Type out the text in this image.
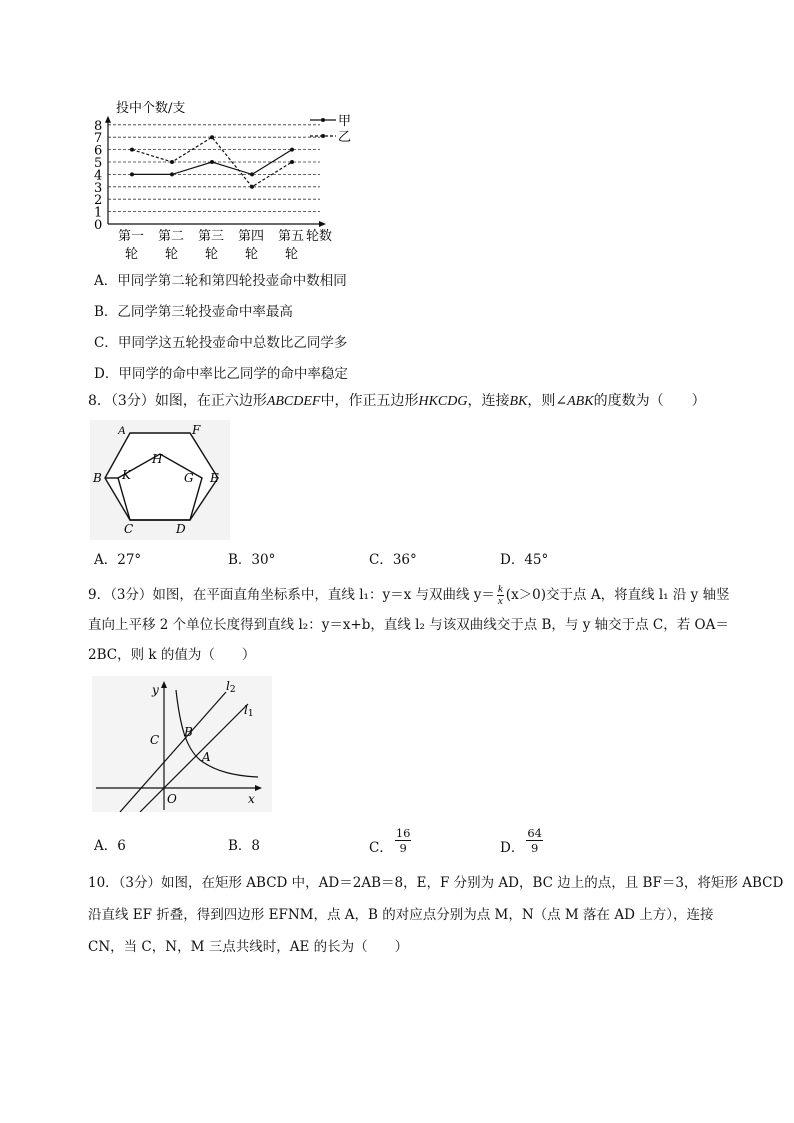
投中个数/支
0
1
2
3
4
5
6
7
8
第一
轮
第二
轮
第三
轮
第四
轮
第五
轮
轮数
甲
乙
A．甲同学第二轮和第四轮投壶命中数相同
B．乙同学第三轮投壶命中率最高
C．甲同学这五轮投壶命中总数比乙同学多
D．甲同学的命中率比乙同学的命中率稳定
8．（3分）如图，在正六边形ABCDEF中，作正五边形HKCDG，连接BK，则∠ABK的度数为（　　）
A	F
B	E
C	D
H
K	G
A．27°	B．30°	C．36°	D．45°
9．（3分）如图，在平面直角坐标系中，直线 l₁：y＝x 与双曲线 $y= \frac{k}{x} (x>0)$交于点 A，将直线 l₁ 沿 y 轴竖
直向上平移 2 个单位长度得到直线 l₂：y＝x+b，直线 l₂ 与该双曲线交于点 B，与 y 轴交于点 C，若 OA＝
2BC，则 k 的值为（　　）
y
x
O
C
B
A
l2
l1
A．6	B．8	C． $\frac{16}{9}$	D． $\frac{64}{9}$
10．（3分）如图，在矩形 ABCD 中，AD＝2AB＝8，E，F 分别为 AD，BC 边上的点，且 BF＝3，将矩形 ABCD
沿直线 EF 折叠，得到四边形 EFNM，点 A，B 的对应点分别为点 M，N（点 M 落在 AD 上方），连接
CN，当 C，N，M 三点共线时，AE 的长为（　　）
